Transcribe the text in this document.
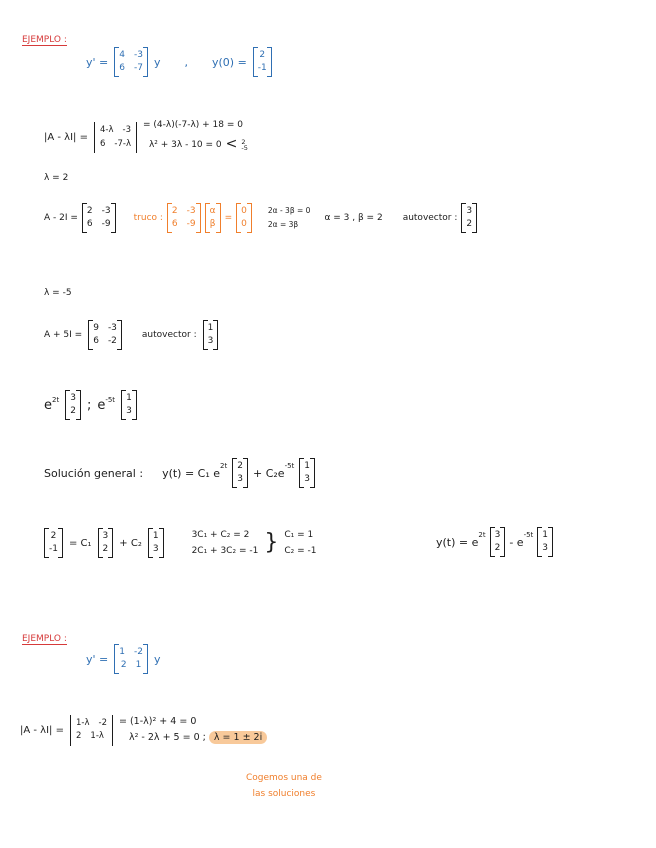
EJEMPLO :
y' =
4 -3
6 -7 y , y(0) =
2
-1
|A - λI| =
4-λ -3
6 -7-λ
= (4-λ)(-7-λ) + 18 = 0
λ² + 3λ - 10 = 0 < 2
-5
λ = 2
A - 2I =
2 -3
6 -9
truco :
2 -3
6 -9
α
β
=
0
0
2α - 3β = 0
2α = 3β
α = 3 , β = 2 autovector :
3
2
λ = -5
A + 5I =
9 -3
6 -2
autovector :
1
3
$e^{2t}$ 3
2 ; $e^{-5t}$ 1
3
Solución general : y(t) = C₁ e
2t 2
3 + C₂e
-5t 1
3
2
-1
= C₁
3
2
+ C₂
1
3
3C₁ + C₂ = 2
2C₁ + 3C₂ = -1 } C₁ = 1
C₂ = -1
y(t) = e
2t 3
2 - e
-5t 1
3
EJEMPLO :
y' =
1 -2
2 1 y
|A - λI| =
1-λ -2
2 1-λ
= (1-λ)² + 4 = 0
λ² - 2λ + 5 = 0 ; λ = 1 ± 2i
Cogemos una de
las soluciones
